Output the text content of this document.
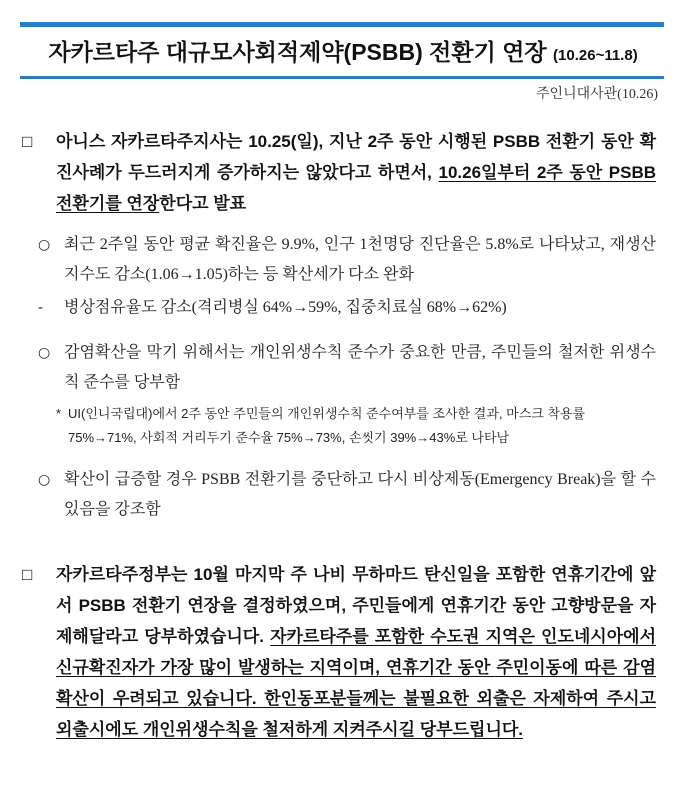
자카르타주 대규모사회적제약(PSBB) 전환기 연장 (10.26~11.8)
주인니대사관(10.26)
□ 아니스 자카르타주지사는 10.25(일), 지난 2주 동안 시행된 PSBB 전환기 동안 확진사례가 두드러지게 증가하지는 않았다고 하면서, 10.26일부터 2주 동안 PSBB 전환기를 연장한다고 발표
○ 최근 2주일 동안 평균 확진율은 9.9%, 인구 1천명당 진단율은 5.8%로 나타났고, 재생산지수도 감소(1.06→1.05)하는 등 확산세가 다소 완화
- 병상점유율도 감소(격리병실 64%→59%, 집중치료실 68%→62%)
○ 감염확산을 막기 위해서는 개인위생수칙 준수가 중요한 만큼, 주민들의 철저한 위생수칙 준수를 당부함
* UI(인니국립대)에서 2주 동안 주민들의 개인위생수칙 준수여부를 조사한 결과, 마스크 착용률 75%→71%, 사회적 거리두기 준수율 75%→73%, 손씻기 39%→43%로 나타남
○ 확산이 급증할 경우 PSBB 전환기를 중단하고 다시 비상제동(Emergency Break)을 할 수 있음을 강조함
□ 자카르타주정부는 10월 마지막 주 나비 무하마드 탄신일을 포함한 연휴기간에 앞서 PSBB 전환기 연장을 결정하였으며, 주민들에게 연휴기간 동안 고향방문을 자제해달라고 당부하였습니다. 자카르타주를 포함한 수도권 지역은 인도네시아에서 신규확진자가 가장 많이 발생하는 지역이며, 연휴기간 동안 주민이동에 따른 감염확산이 우려되고 있습니다. 한인동포분들께는 불필요한 외출은 자제하여 주시고 외출시에도 개인위생수칙을 철저하게 지켜주시길 당부드립니다.
